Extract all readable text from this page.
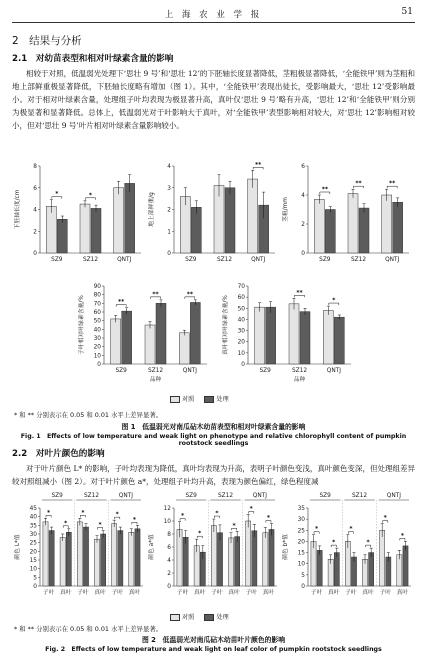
上 海 农 业 学 报	51
2　结果与分析
2.1　对幼苗表型和相对叶绿素含量的影响
相较于对照，低温弱光处理下‘思壮 9 号’和‘思壮 12’的下胚轴长度显著降低，茎粗极显著降低，‘全能铁甲’则为茎粗和地上部鲜重极显著降低，下胚轴长度略有增加（图 1）。其中，‘全能铁甲’表现出徒长，受影响最大，‘思壮 12’受影响最小。对于相对叶绿素含量，处理组子叶均表现为极显著升高，真叶仅‘思壮 9 号’略有升高，‘思壮 12’和‘全能铁甲’则分别为极显著和显著降低。总体上，低温弱光对于叶影响大于真叶，对‘全能铁甲’表型影响相对较大，对‘思壮 12’影响相对较小，但对‘思壮 9 号’叶片相对叶绿素含量影响较小。
0
2
4
6
8
下胚轴长度/cm	*
SZ9
*
SZ12	QNTJ
0
1
2
3
4
地上部鲜重/g
SZ9	SZ12
**
QNTJ
0
2
4
6
茎粗/mm
**
SZ9
**
SZ12
**
QNTJ
0
10
20
30
40
50
60
70
80
90
子叶相对叶绿素含量/%	**
SZ9
**
SZ12
**
QNTJ
品种
0
10
20
30
40
50
60
70
真叶相对叶绿素含量/%
SZ9
**
SZ12
*
QNTJ
品种
对照	处理
* 和 ** 分别表示在 0.05 和 0.01 水平上差异显著。
图 1　低温弱光对南瓜砧木幼苗表型和相对叶绿素含量的影响
Fig. 1　Effects of low temperature and weak light on phenotype and relative chlorophyll content of pumpkin rootstock seedlings
2.2　对叶片颜色的影响
对于叶片颜色 L* 的影响，子叶均表现为降低，真叶均表现为升高，表明子叶颜色变浅，真叶颜色变深，但处理组差异较对照组减小（图 2）。对于叶片颜色 a*，处理组子叶均升高，表现为颜色偏红，绿色程度减
0
5
10
15
20
25
30
35
40
45
颜色 L*值
*
子叶
*
真叶
*
子叶
*
真叶
*
子叶
*
真叶
SZ9	SZ12	QNTJ
0
2
4
6
8
10
12
颜色 a*值
*
子叶
*
真叶
*
子叶
*
真叶
*
子叶
*
真叶
SZ9	SZ12	QNTJ
0
5
10
15
20
25
30
35
颜色 b*值
*
子叶
*
真叶
*
子叶
*
真叶
*
子叶
*
真叶
SZ9	SZ12	QNTJ
对照	处理
* 和 ** 分别表示在 0.05 和 0.01 水平上差异显著。
图 2　低温弱光对南瓜砧木幼苗叶片颜色的影响
Fig. 2　Effects of low temperature and weak light on leaf color of pumpkin rootstock seedlings
